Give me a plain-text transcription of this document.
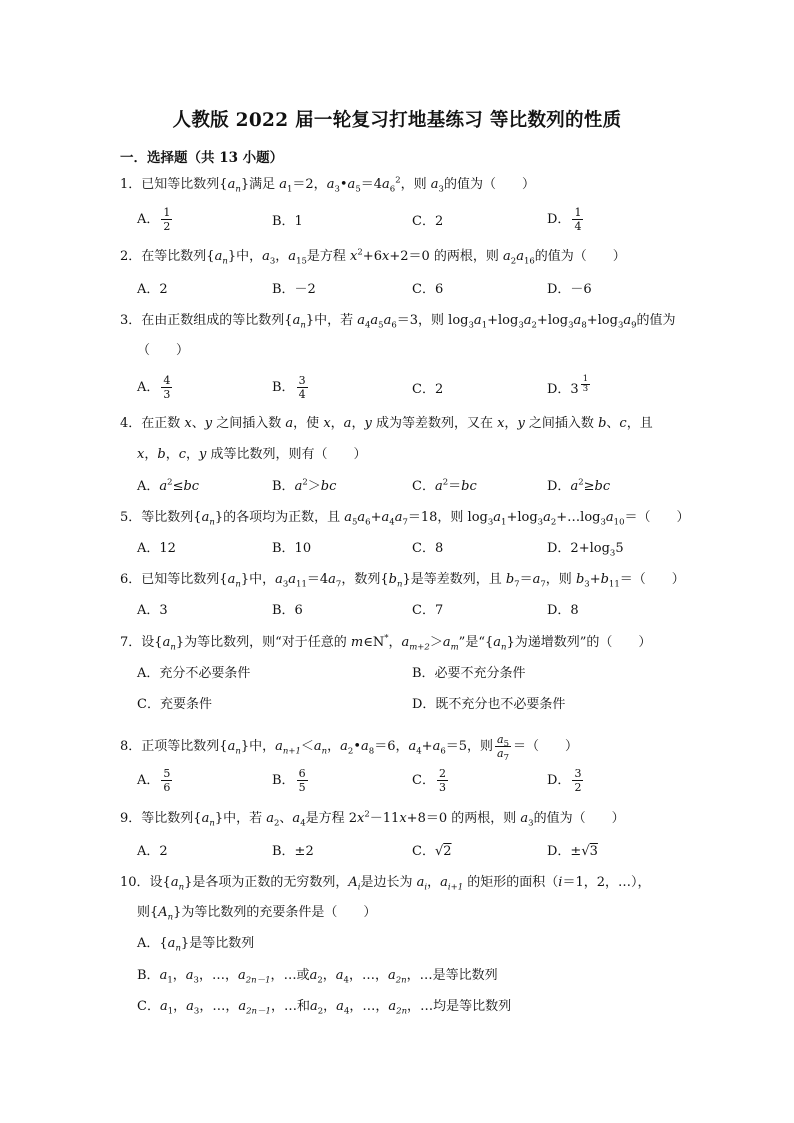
人教版 2022 届一轮复习打地基练习 等比数列的性质
一．选择题（共 13 小题）
1．已知等比数列$\{a_n\}$满足 $a_1=2$，$a_3•a_5=4a_6^2$，则 $a_3$的值为（　　）
A． $\frac{1}{2}$	B．1	C．2	D． $\frac{1}{4}$
2．在等比数列$\{a_n\}$中，$a_3$，$a_{15}$是方程 $x^2+6x+2=0$ 的两根，则 $a_2a_{16}$的值为（　　）
A．2	B．－2	C．6	D．－6
3．在由正数组成的等比数列$\{a_n\}$中，若 $a_4a_5a_6=3$，则 $\log_3a_1+\log_3a_2+\log_3a_8+\log_3a_9$的值为
（　　）
A． $\frac{4}{3}$	B． $\frac{3}{4}$	C．2	D．$3 \frac{1}{3}$
4．在正数 x、y 之间插入数 a，使 x，a，y 成为等差数列，又在 x，y 之间插入数 b、c，且
x，b，c，y 成等比数列，则有（　　）
A．$a^2\le bc$	B．$a^2>bc$	C．$a^2=bc$	D．$a^2\ge bc$
5．等比数列$\{a_n\}$的各项均为正数，且 $a_5a_6+a_4a_7=18$，则 $\log_3a_1+\log_3a_2+\dots\log_3a_{10}=$（　　）
A．12	B．10	C．8	D．$2+\log_35$
6．已知等比数列$\{a_n\}$中，$a_3a_{11}=4a_7$，数列$\{b_n\}$是等差数列，且 $b_7=a_7$，则 $b_3+b_{11}=$（　　）
A．3	B．6	C．7	D．8
7．设$\{a_n\}$为等比数列，则“对于任意的 m∈N*，$a_{m+2}>a_m$”是“$\{a_n\}$为递增数列”的（　　）
A．充分不必要条件	B．必要不充分条件
C．充要条件	D．既不充分也不必要条件
8．正项等比数列$\{a_n\}$中，$a_{n+1}<a_n$，$a_2•a_8=6$，$a_4+a_6=5$，则 $\frac{a_5}{a_7}$ ＝（　　）
A． $\frac{5}{6}$	B． $\frac{6}{5}$	C． $\frac{2}{3}$	D． $\frac{3}{2}$
9．等比数列$\{a_n\}$中，若 $a_2$、$a_4$是方程 $2x^2-11x+8=0$ 的两根，则 $a_3$的值为（　　）
A．2	B．±2	C．√2	D．±√3
10．设$\{a_n\}$是各项为正数的无穷数列，$A_i$是边长为 $a_i$，$a_{i+1}$ 的矩形的面积（i＝1，2，…），
则$\{A_n\}$为等比数列的充要条件是（　　）
A．$\{a_n\}$是等比数列
B．$a_1$，$a_3$，…，$a_{2n-1}$，…或$a_2$，$a_4$，…，$a_{2n}$，…是等比数列
C．$a_1$，$a_3$，…，$a_{2n-1}$，…和$a_2$，$a_4$，…，$a_{2n}$，…均是等比数列
